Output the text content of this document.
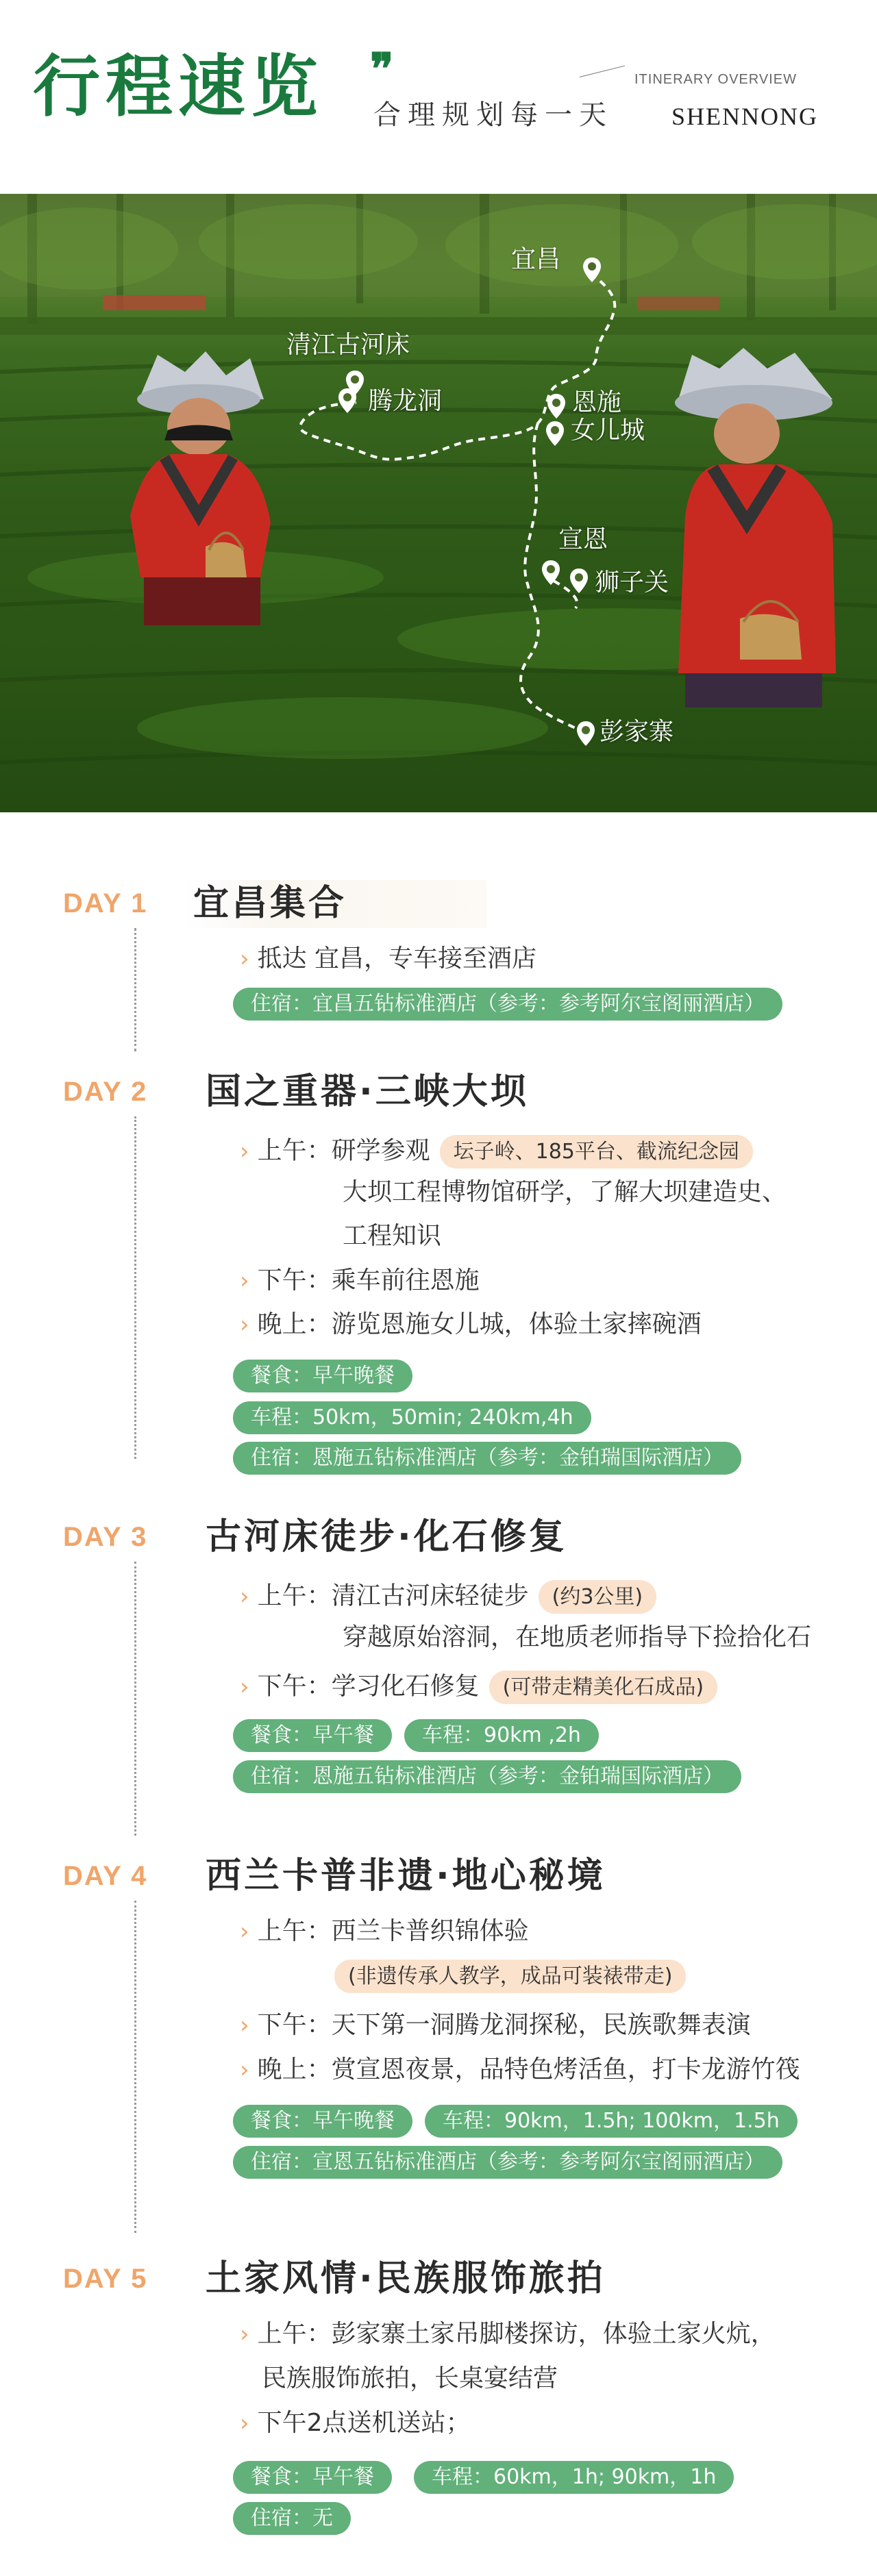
行程速览 ❞
合理规划每一天
ITINERARY OVERVIEW
SHENNONG
宜昌
清江古河床
腾龙洞	恩施
女儿城
宣恩
狮子关
彭家寨
DAY 1 宜昌集合
› 抵达 宜昌，专车接至酒店
住宿：宜昌五钻标准酒店（参考：参考阿尔宝阁丽酒店）
DAY 2 国之重器·三峡大坝
› 上午：研学参观 坛子岭、185平台、截流纪念园
大坝工程博物馆研学，了解大坝建造史、
工程知识
› 下午：乘车前往恩施
› 晚上：游览恩施女儿城，体验土家摔碗酒
餐食：早午晚餐
车程：50km，50min; 240km,4h
住宿：恩施五钻标准酒店（参考：金铂瑞国际酒店）
DAY 3 古河床徒步·化石修复
› 上午：清江古河床轻徒步 (约3公里)
穿越原始溶洞，在地质老师指导下捡拾化石
› 下午：学习化石修复 (可带走精美化石成品)
餐食：早午餐	车程：90km ,2h
住宿：恩施五钻标准酒店（参考：金铂瑞国际酒店）
DAY 4 西兰卡普非遗·地心秘境
› 上午：西兰卡普织锦体验
(非遗传承人教学，成品可装裱带走)
› 下午：天下第一洞腾龙洞探秘，民族歌舞表演
› 晚上：赏宣恩夜景，品特色烤活鱼，打卡龙游竹筏
餐食：早午晚餐	车程：90km，1.5h; 100km，1.5h
住宿：宣恩五钻标准酒店（参考：参考阿尔宝阁丽酒店）
DAY 5 土家风情·民族服饰旅拍
› 上午：彭家寨土家吊脚楼探访，体验土家火炕，
民族服饰旅拍，长桌宴结营
› 下午2点送机送站；
餐食：早午餐	车程：60km，1h; 90km，1h
住宿：无
